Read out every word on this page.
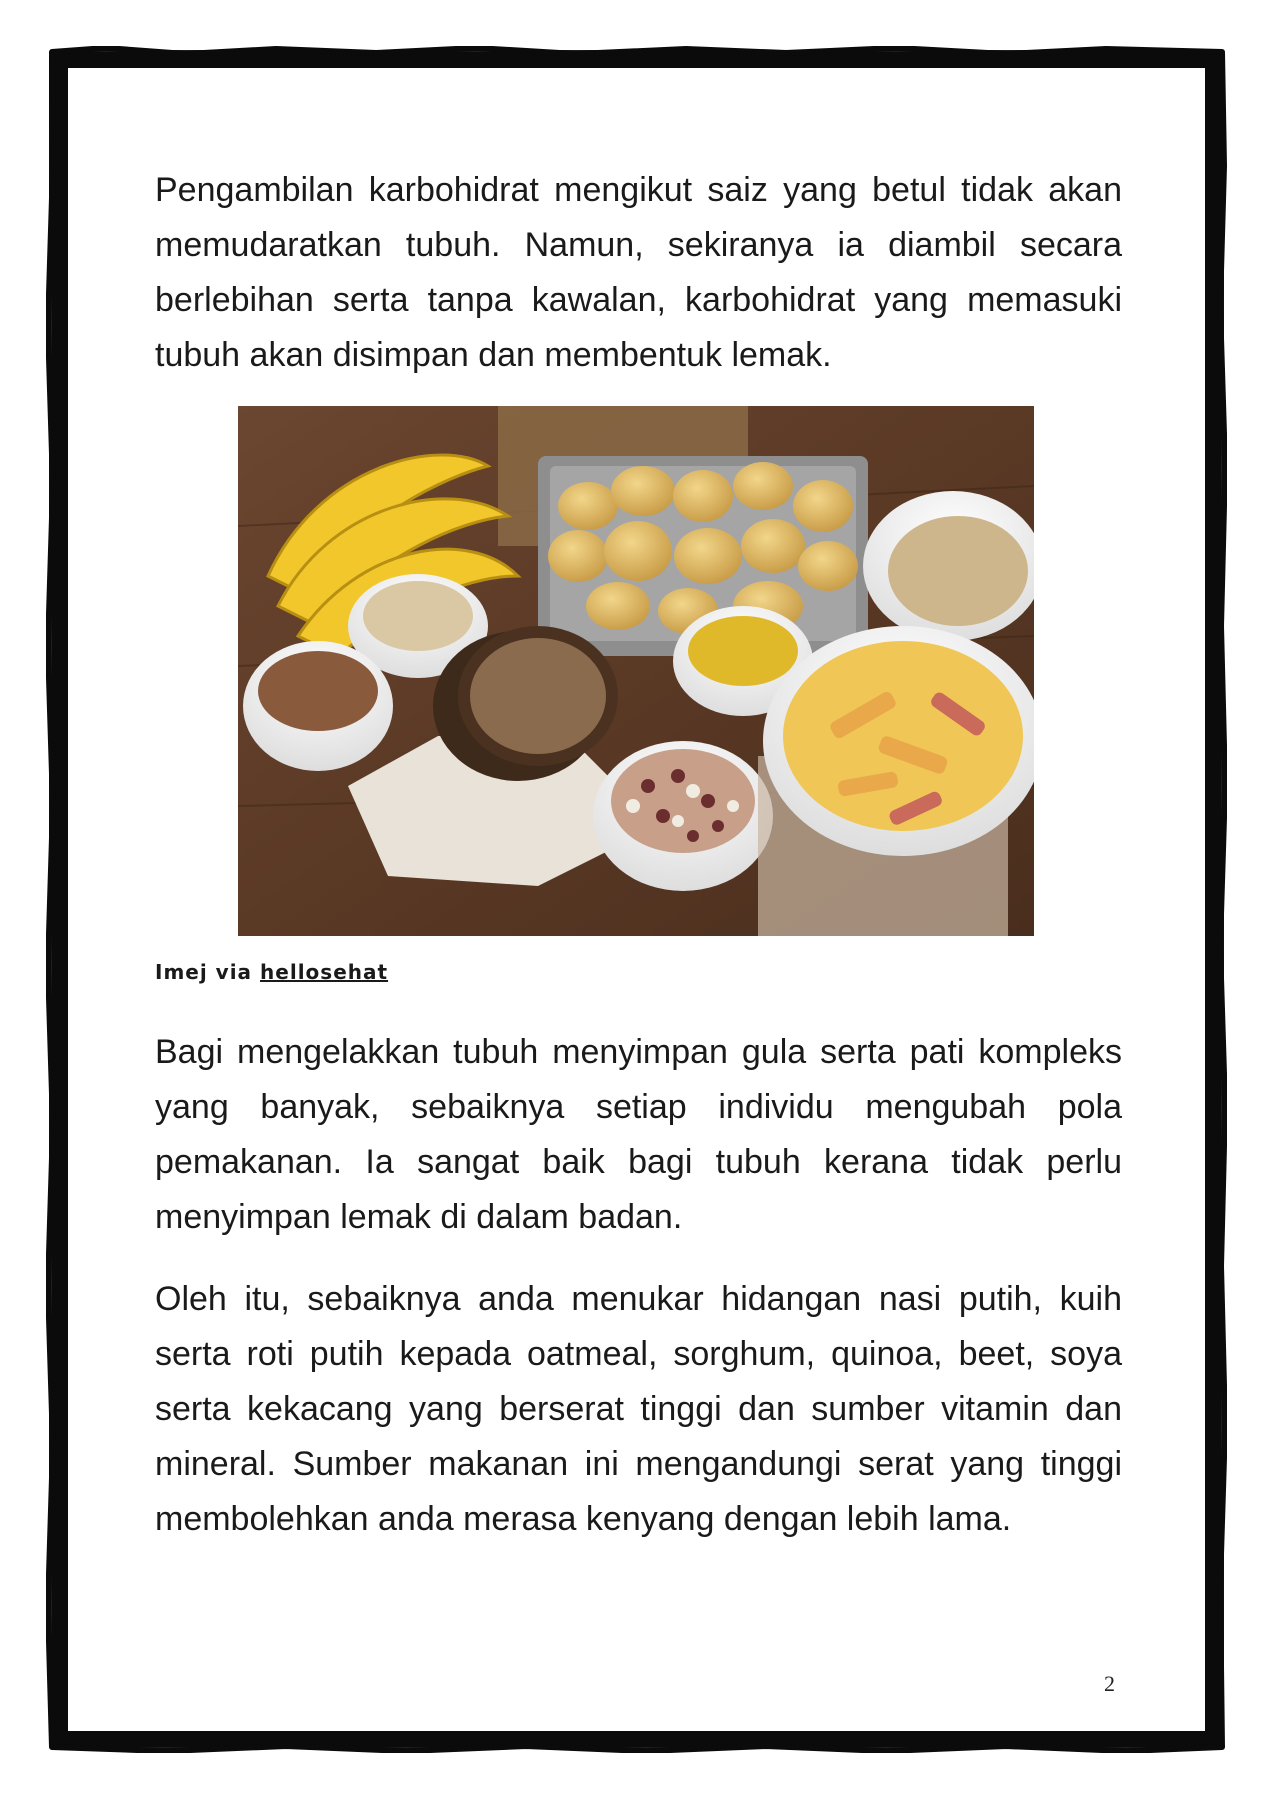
Pengambilan karbohidrat mengikut saiz yang betul tidak akan memudaratkan tubuh. Namun, sekiranya ia diambil secara berlebihan serta tanpa kawalan, karbohidrat yang memasuki tubuh akan disimpan dan membentuk lemak.

Imej via hellosehat

Bagi mengelakkan tubuh menyimpan gula serta pati kompleks yang banyak, sebaiknya setiap individu mengubah pola pemakanan. Ia sangat baik bagi tubuh kerana tidak perlu menyimpan lemak di dalam badan.

Oleh itu, sebaiknya anda menukar hidangan nasi putih, kuih serta roti putih kepada oatmeal, sorghum, quinoa, beet, soya serta kekacang yang berserat tinggi dan sumber vitamin dan mineral. Sumber makanan ini mengandungi serat yang tinggi membolehkan anda merasa kenyang dengan lebih lama.

2
